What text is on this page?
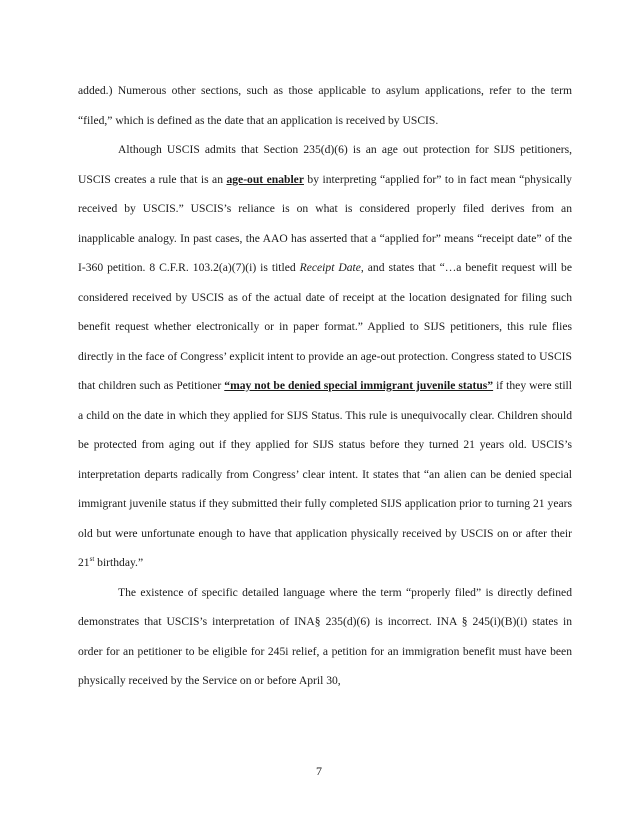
added.) Numerous other sections, such as those applicable to asylum applications, refer to the term “filed,” which is defined as the date that an application is received by USCIS.

Although USCIS admits that Section 235(d)(6) is an age out protection for SIJS petitioners, USCIS creates a rule that is an age-out enabler by interpreting “applied for” to in fact mean “physically received by USCIS.” USCIS’s reliance is on what is considered properly filed derives from an inapplicable analogy. In past cases, the AAO has asserted that a “applied for” means “receipt date” of the I-360 petition. 8 C.F.R. 103.2(a)(7)(i) is titled Receipt Date, and states that “…a benefit request will be considered received by USCIS as of the actual date of receipt at the location designated for filing such benefit request whether electronically or in paper format.” Applied to SIJS petitioners, this rule flies directly in the face of Congress’ explicit intent to provide an age-out protection. Congress stated to USCIS that children such as Petitioner “may not be denied special immigrant juvenile status” if they were still a child on the date in which they applied for SIJS Status. This rule is unequivocally clear. Children should be protected from aging out if they applied for SIJS status before they turned 21 years old. USCIS’s interpretation departs radically from Congress’ clear intent. It states that “an alien can be denied special immigrant juvenile status if they submitted their fully completed SIJS application prior to turning 21 years old but were unfortunate enough to have that application physically received by USCIS on or after their 21st birthday.”

The existence of specific detailed language where the term “properly filed” is directly defined demonstrates that USCIS’s interpretation of INA§ 235(d)(6) is incorrect. INA § 245(i)(B)(i) states in order for an petitioner to be eligible for 245i relief, a petition for an immigration benefit must have been physically received by the Service on or before April 30,

7
